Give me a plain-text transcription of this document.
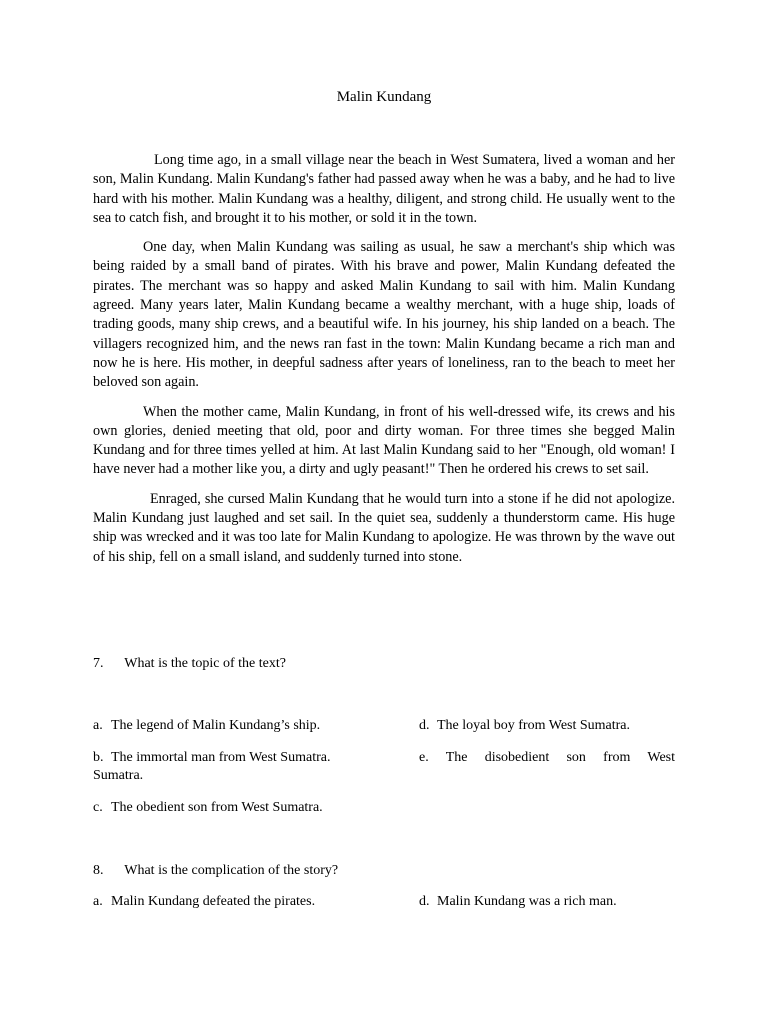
Malin Kundang

Long time ago, in a small village near the beach in West Sumatera, lived a woman and her son, Malin Kundang. Malin Kundang's father had passed away when he was a baby, and he had to live hard with his mother. Malin Kundang was a healthy, diligent, and strong child. He usually went to the sea to catch fish, and brought it to his mother, or sold it in the town.

One day, when Malin Kundang was sailing as usual, he saw a merchant's ship which was being raided by a small band of pirates. With his brave and power, Malin Kundang defeated the pirates. The merchant was so happy and asked Malin Kundang to sail with him. Malin Kundang agreed. Many years later, Malin Kundang became a wealthy merchant, with a huge ship, loads of trading goods, many ship crews, and a beautiful wife. In his journey, his ship landed on a beach. The villagers recognized him, and the news ran fast in the town: Malin Kundang became a rich man and now he is here. His mother, in deepful sadness after years of loneliness, ran to the beach to meet her beloved son again.

When the mother came, Malin Kundang, in front of his well-dressed wife, its crews and his own glories, denied meeting that old, poor and dirty woman. For three times she begged Malin Kundang and for three times yelled at him. At last Malin Kundang said to her "Enough, old woman! I have never had a mother like you, a dirty and ugly peasant!" Then he ordered his crews to set sail.

Enraged, she cursed Malin Kundang that he would turn into a stone if he did not apologize. Malin Kundang just laughed and set sail. In the quiet sea, suddenly a thunderstorm came. His huge ship was wrecked and it was too late for Malin Kundang to apologize. He was thrown by the wave out of his ship, fell on a small island, and suddenly turned into stone.

7. What is the topic of the text?
a. The legend of Malin Kundang’s ship.	d. The loyal boy from West Sumatra.
b. The immortal man from West Sumatra.	e. The disobedient son from West
Sumatra.
c. The obedient son from West Sumatra.
8. What is the complication of the story?
a. Malin Kundang defeated the pirates.	d. Malin Kundang was a rich man.
